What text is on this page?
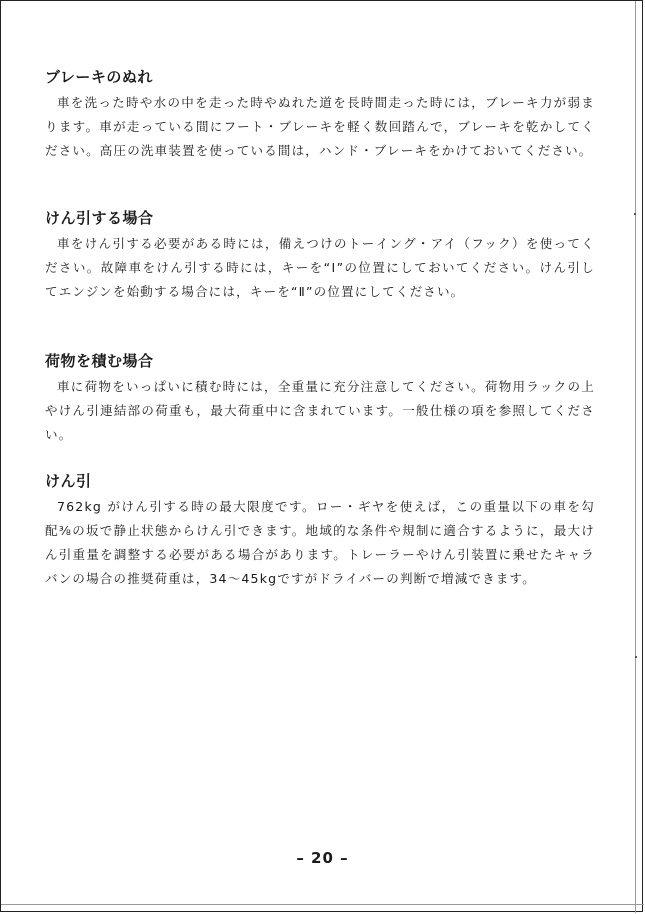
ブレーキのぬれ

車を洗った時や水の中を走った時やぬれた道を長時間走った時には，ブレーキ力が弱まります。車が走っている間にフート・ブレーキを軽く数回踏んで，ブレーキを乾かしてください。高圧の洗車装置を使っている間は，ハンド・ブレーキをかけておいてください。

けん引する場合

車をけん引する必要がある時には，備えつけのトーイング・アイ（フック）を使ってください。故障車をけん引する時には，キーを“Ⅰ”の位置にしておいてください。けん引してエンジンを始動する場合には，キーを“Ⅱ”の位置にしてください。

荷物を積む場合

車に荷物をいっぱいに積む時には，全重量に充分注意してください。荷物用ラックの上やけん引連結部の荷重も，最大荷重中に含まれています。一般仕様の項を参照してください。

けん引

762kg がけん引する時の最大限度です。ロー・ギヤを使えば，この重量以下の車を勾配⅜の坂で静止状態からけん引できます。地域的な条件や規制に適合するように，最大けん引重量を調整する必要がある場合があります。トレーラーやけん引装置に乗せたキャラバンの場合の推奨荷重は，34〜45kgですがドライバーの判断で増減できます。

– 20 –
